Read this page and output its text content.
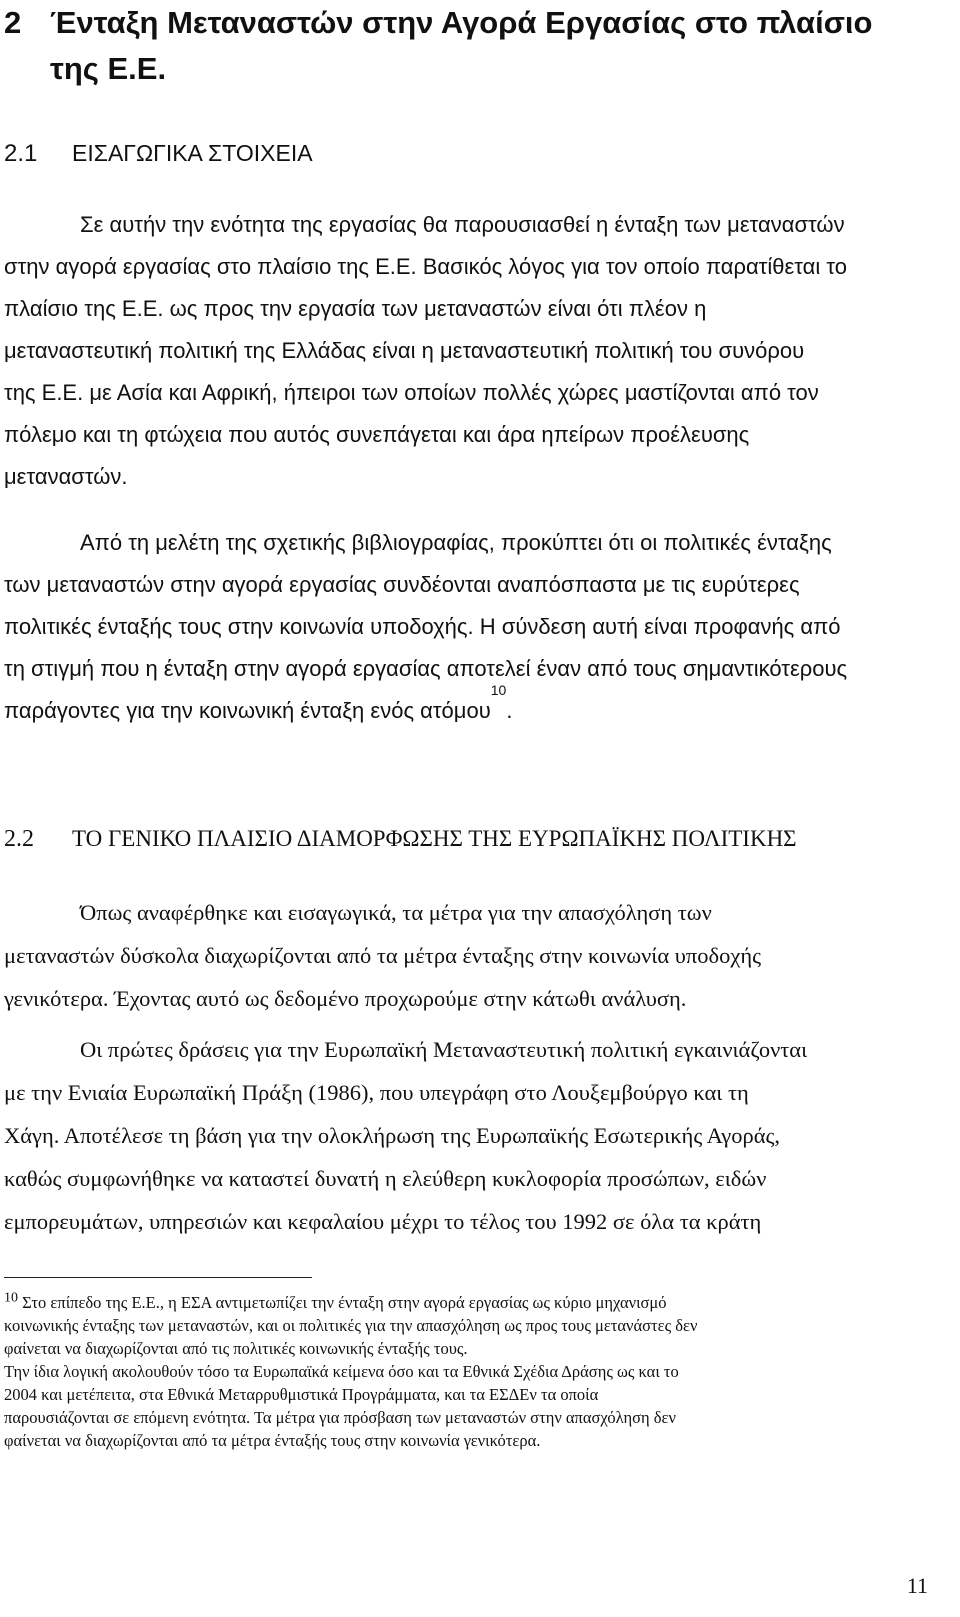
2 Ένταξη Μεταναστών στην Αγορά Εργασίας στο πλαίσιο
της Ε.Ε.
2.1 ΕΙΣΑΓΩΓΙΚΑ ΣΤΟΙΧΕΙΑ
Σε αυτήν την ενότητα της εργασίας θα παρουσιασθεί η ένταξη των μεταναστών
στην αγορά εργασίας στο πλαίσιο της Ε.Ε. Βασικός λόγος για τον οποίο παρατίθεται το
πλαίσιο της Ε.Ε. ως προς την εργασία των μεταναστών είναι ότι πλέον η
μεταναστευτική πολιτική της Ελλάδας είναι η μεταναστευτική πολιτική του συνόρου
της Ε.Ε. με Ασία και Αφρική, ήπειροι των οποίων πολλές χώρες μαστίζονται από τον
πόλεμο και τη φτώχεια που αυτός συνεπάγεται και άρα ηπείρων προέλευσης
μεταναστών.
Από τη μελέτη της σχετικής βιβλιογραφίας, προκύπτει ότι οι πολιτικές ένταξης
των μεταναστών στην αγορά εργασίας συνδέονται αναπόσπαστα με τις ευρύτερες
πολιτικές ένταξής τους στην κοινωνία υποδοχής. Η σύνδεση αυτή είναι προφανής από
τη στιγμή που η ένταξη στην αγορά εργασίας αποτελεί έναν από τους σημαντικότερους
παράγοντες για την κοινωνική ένταξη ενός ατόμου
10
.
2.2 ΤΟ ΓΕΝΙΚΟ ΠΛΑΙΣΙΟ ΔΙΑΜΟΡΦΩΣΗΣ ΤΗΣ ΕΥΡΩΠΑΪΚΗΣ ΠΟΛΙΤΙΚΗΣ
Όπως αναφέρθηκε και εισαγωγικά, τα μέτρα για την απασχόληση των
μεταναστών δύσκολα διαχωρίζονται από τα μέτρα ένταξης στην κοινωνία υποδοχής
γενικότερα. Έχοντας αυτό ως δεδομένο προχωρούμε στην κάτωθι ανάλυση.
Οι πρώτες δράσεις για την Ευρωπαϊκή Μεταναστευτική πολιτική εγκαινιάζονται
με την Ενιαία Ευρωπαϊκή Πράξη (1986), που υπεγράφη στο Λουξεμβούργο και τη
Χάγη. Αποτέλεσε τη βάση για την ολοκλήρωση της Ευρωπαϊκής Εσωτερικής Αγοράς,
καθώς συμφωνήθηκε να καταστεί δυνατή η ελεύθερη κυκλοφορία προσώπων, ειδών
εμπορευμάτων, υπηρεσιών και κεφαλαίου μέχρι το τέλος του 1992 σε όλα τα κράτη
$^{10}$ Στο επίπεδο της Ε.Ε., η ΕΣΑ αντιμετωπίζει την ένταξη στην αγορά εργασίας ως κύριο μηχανισμό
κοινωνικής ένταξης των μεταναστών, και οι πολιτικές για την απασχόληση ως προς τους μετανάστες δεν
φαίνεται να διαχωρίζονται από τις πολιτικές κοινωνικής ένταξής τους.
Την ίδια λογική ακολουθούν τόσο τα Ευρωπαϊκά κείμενα όσο και τα Εθνικά Σχέδια Δράσης ως και το
2004 και μετέπειτα, στα Εθνικά Μεταρρυθμιστικά Προγράμματα, και τα ΕΣΔΕν τα οποία
παρουσιάζονται σε επόμενη ενότητα. Τα μέτρα για πρόσβαση των μεταναστών στην απασχόληση δεν
φαίνεται να διαχωρίζονται από τα μέτρα ένταξής τους στην κοινωνία γενικότερα.
11
